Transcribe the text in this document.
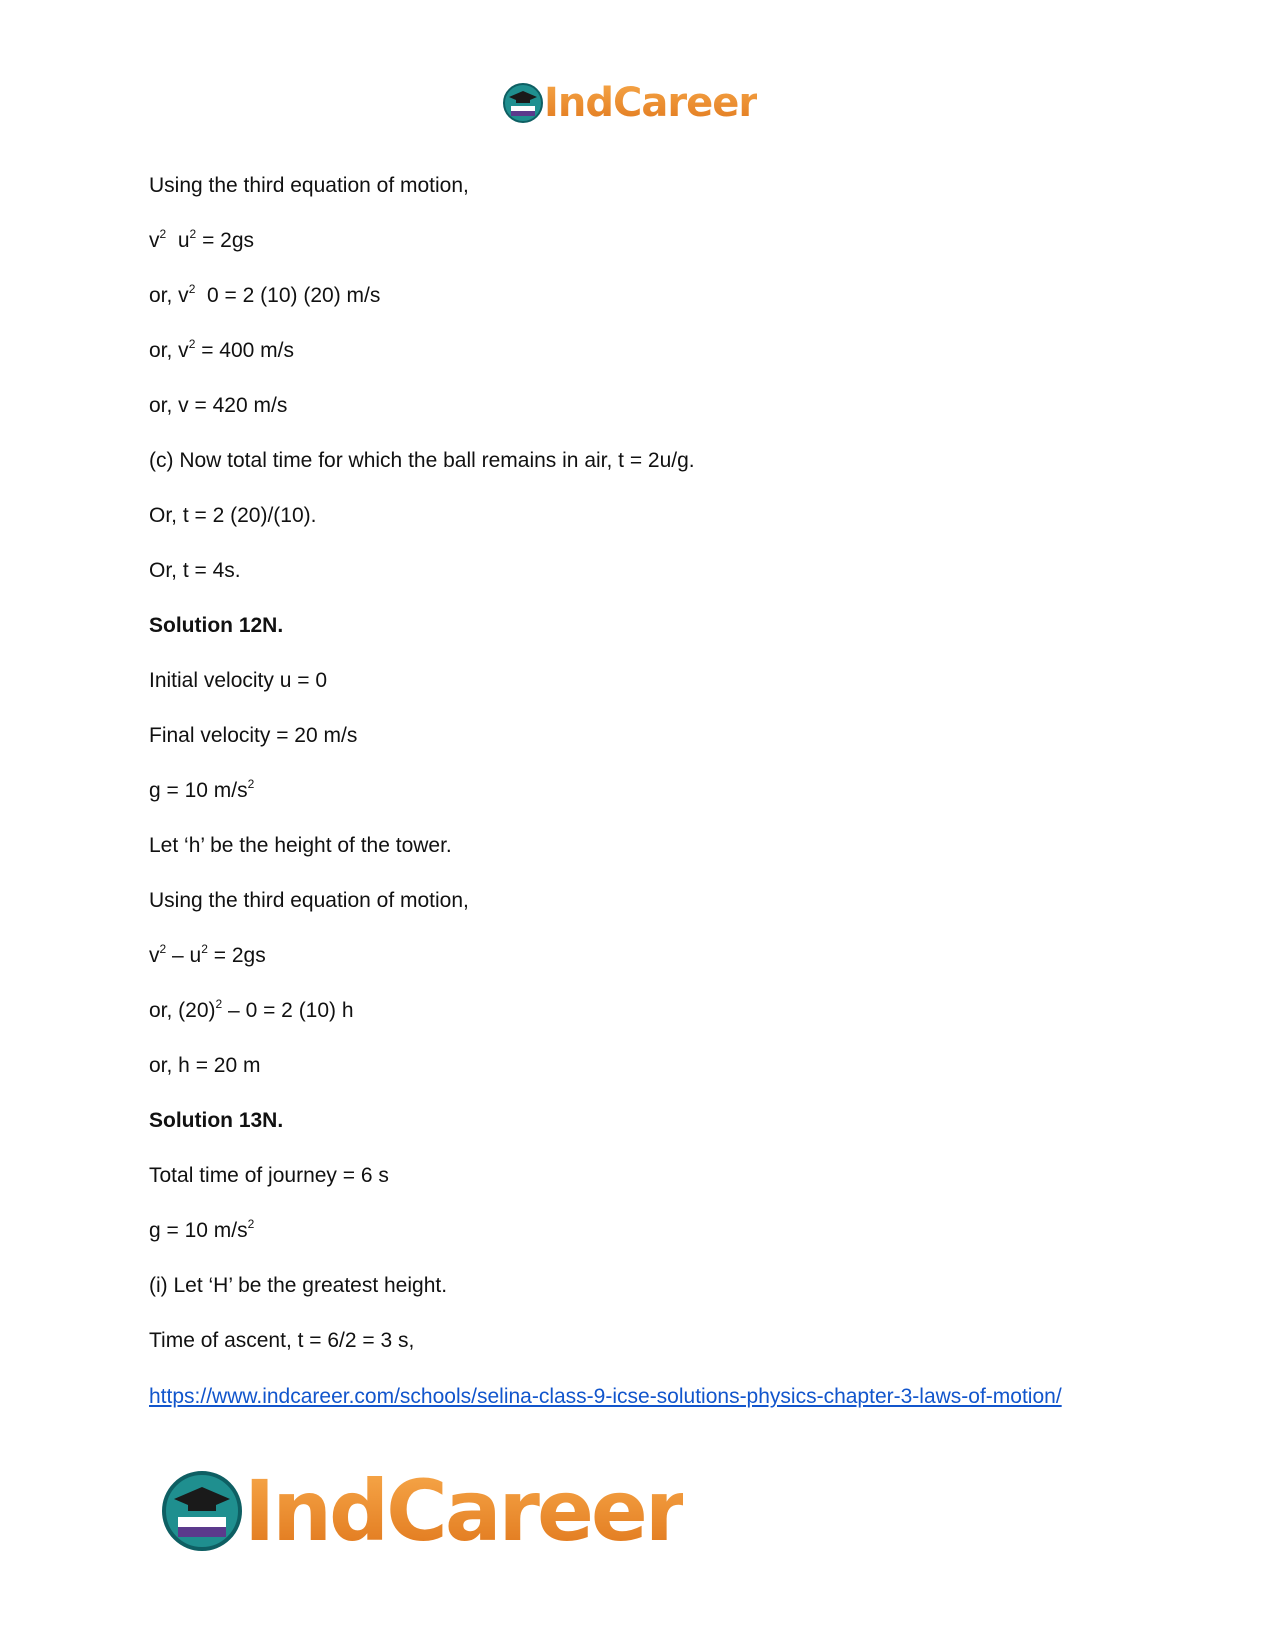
IndCareer
Using the third equation of motion,
$v^2$  $u^2 = 2gs$
or, $v^2$  0 = 2 (10) (20) m/s
or, $v^2 = 400$ m/s
or, v = 420 m/s
(c) Now total time for which the ball remains in air, t = 2u/g.
Or, t = 2 (20)/(10).
Or, t = 4s.
Solution 12N.
Initial velocity u = 0
Final velocity = 20 m/s
g = 10 $m/s^2$
Let ‘h’ be the height of the tower.
Using the third equation of motion,
$v^2 - u^2 = 2gs$
or, $(20)^2 - 0 = 2$ (10) h
or, h = 20 m
Solution 13N.
Total time of journey = 6 s
g = 10 $m/s^2$
(i) Let ‘H’ be the greatest height.
Time of ascent, t = 6/2 = 3 s,
https://www.indcareer.com/schools/selina-class-9-icse-solutions-physics-chapter-3-laws-of-motion/
IndCareer
